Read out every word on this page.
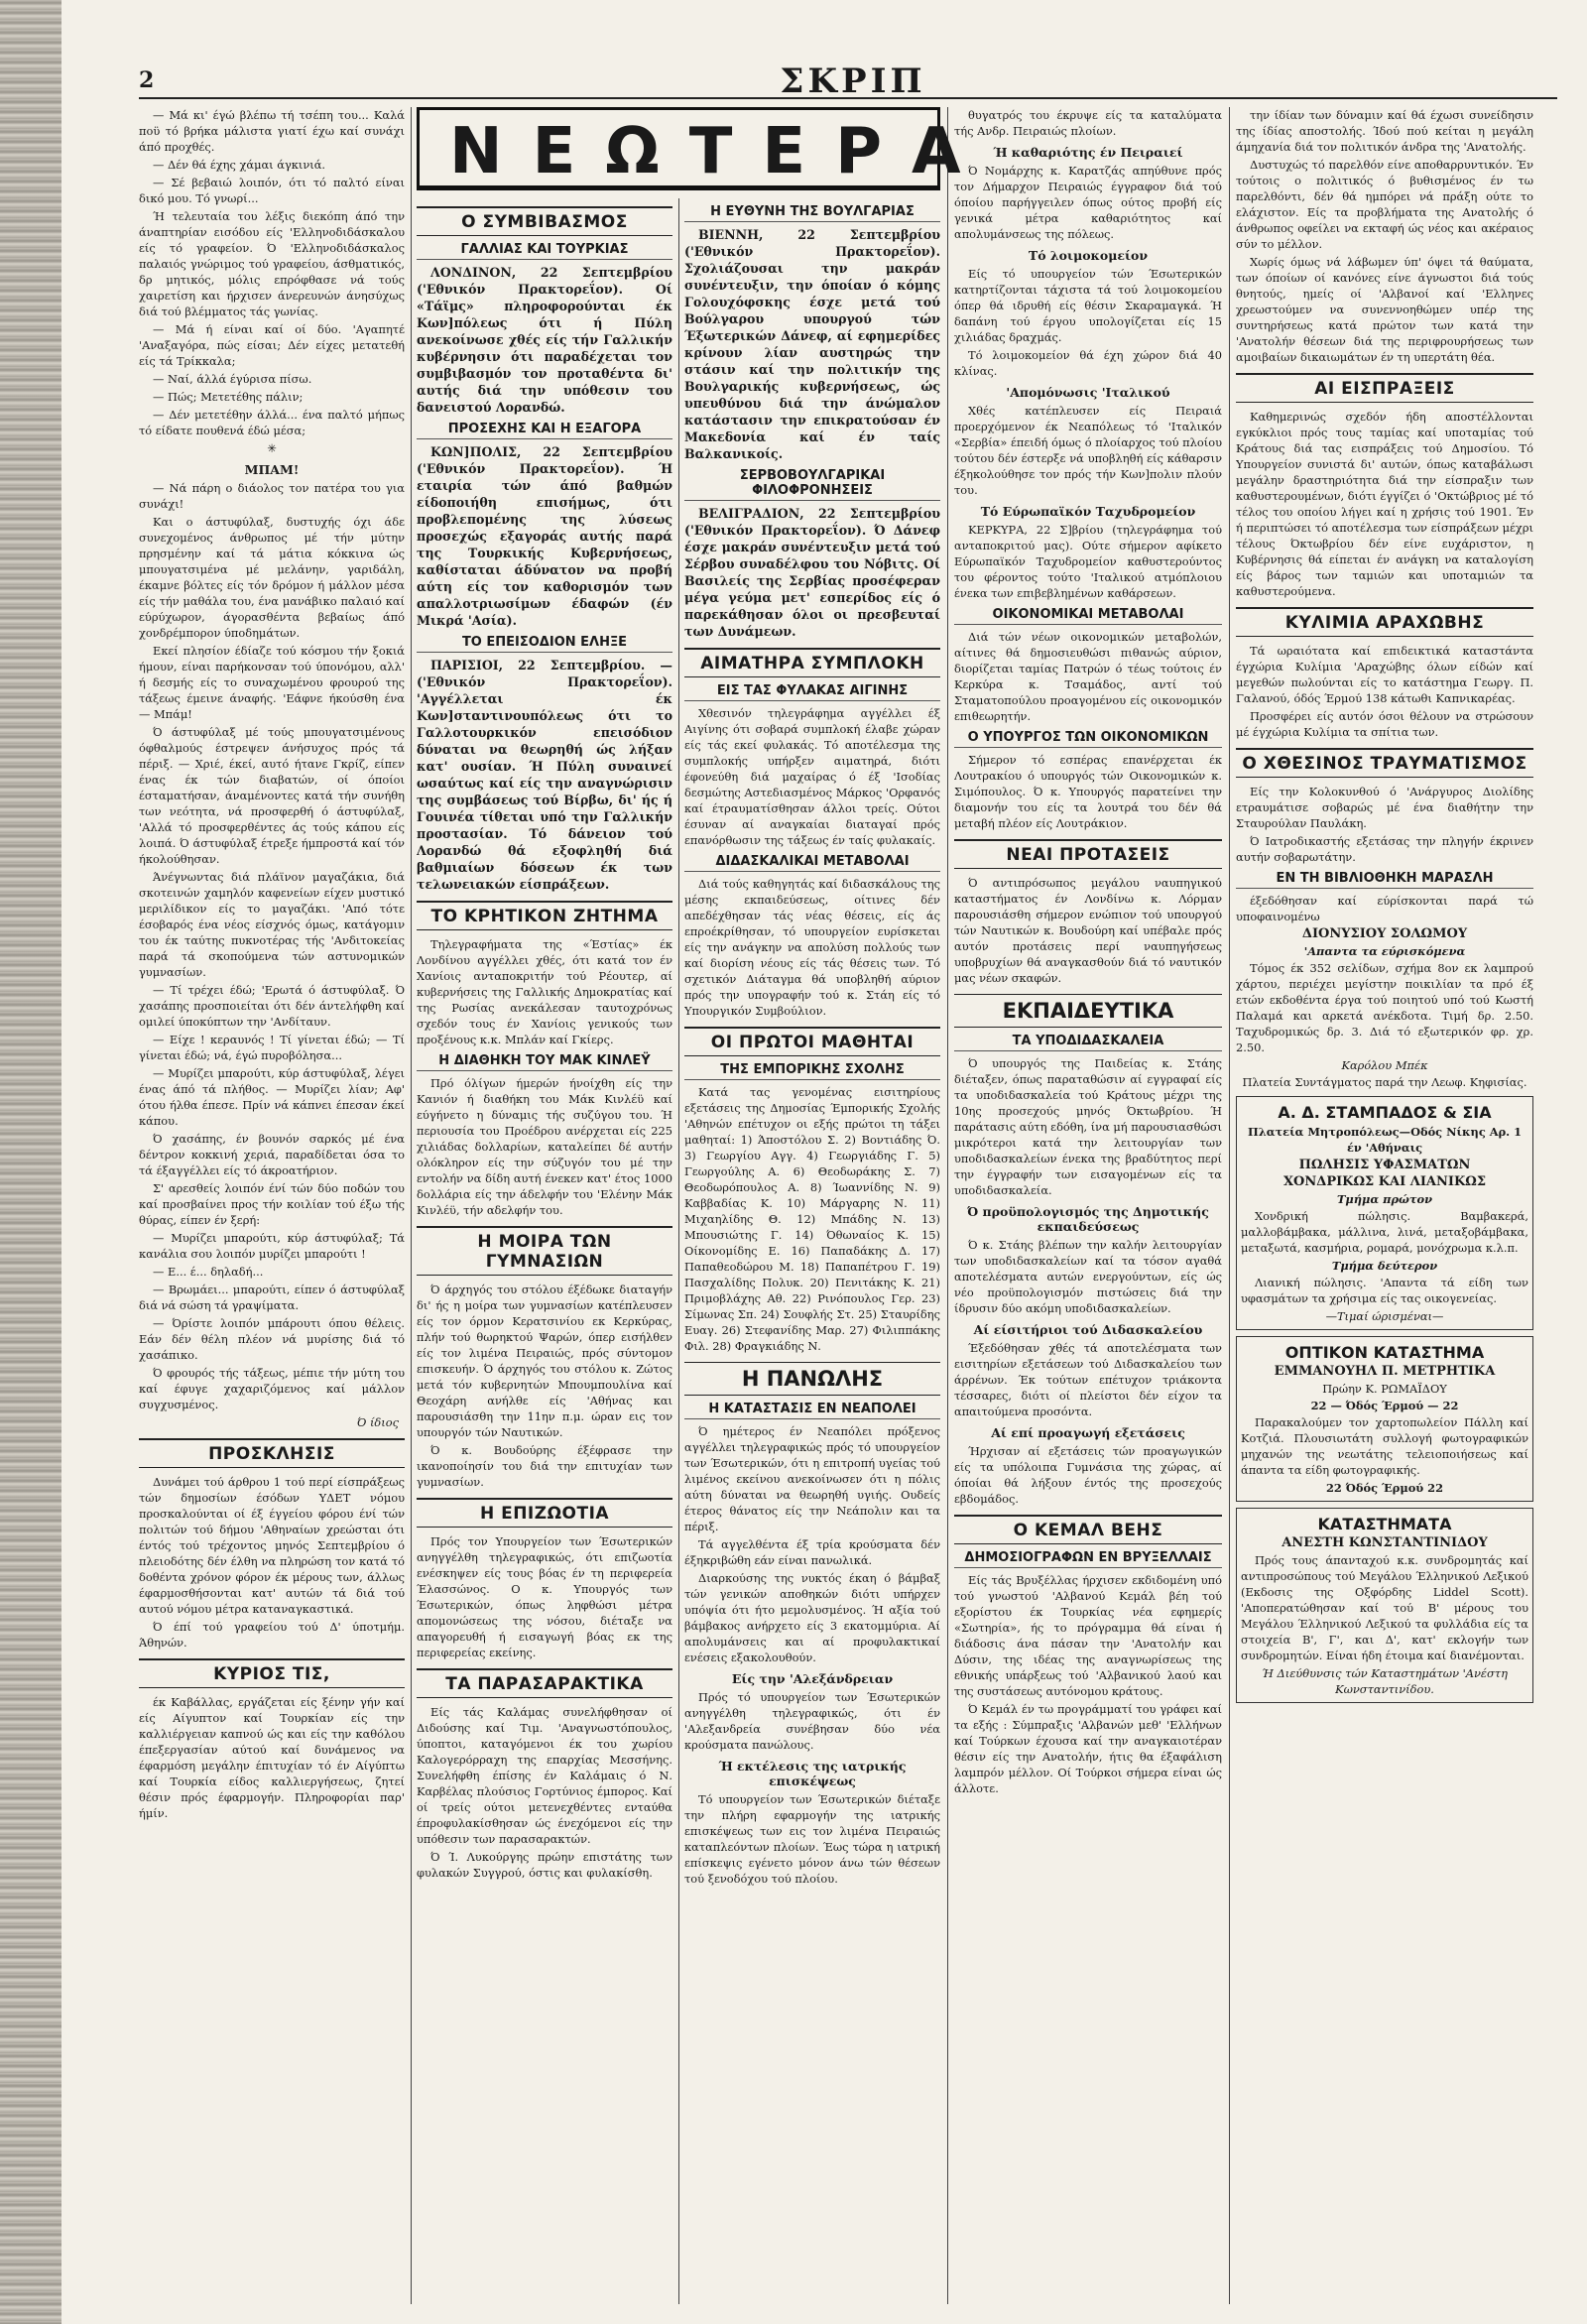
2	ΣΚΡΙΠ
ΝΕΩΤΕΡΑ

— Μά κι' έγώ βλέπω τή τσέπη του... Καλά ποϋ τό βρήκα μάλιστα γιατί έχω καί συνάχι άπό προχθές.

— Δέν θά έχης χάμαι άγκινιά.

— Σέ βεβαιώ λοιπόν, ότι τό παλτό είναι δικό μου. Τό γνωρί...

Ή τελευταία του λέξις διεκόπη άπό την άναπτηρίαν εισόδου είς 'Ελληνοδιδάσκαλου είς τό γραφείον. Ό 'Ελληνοδιδάσκαλος παλαιός γνώριμος τού γραφείου, άσθματικός, δρ μητικός, μόλις επρόφθασε νά τούς χαιρετίση και ήρχισεν άνερευνών άνησύχως διά τού βλέμματος τάς γωνίας.

— Μά ή είναι καί οί δύο. 'Αγαπητέ 'Αναξαγόρα, πώς είσαι; Δέν είχες μετατεθή είς τά Τρίκκαλα;

— Ναί, άλλά έγύρισα πίσω.

— Πώς; Μετετέθης πάλιν;

— Δέν μετετέθην άλλά... ένα παλτό μήπως τό είδατε πουθενά έδώ μέσα;

✳
ΜΠΑΜ!

— Νά πάρη ο διάολος τον πατέρα του για συνάχι!

Και ο άστυφύλαξ, δυστυχής όχι άδε συνεχομένος άνθρωπος μέ τήν μύτην πρησμένην καί τά μάτια κόκκινα ώς μπουγατσιμένα μέ μελάνην, γαριδάλη, έκαμνε βόλτες είς τόν δρόμον ή μάλλον μέσα είς τήν μαθάλα του, ένα μανάβικο παλαιό καί εύρύχωρον, άγορασθέντα βεβαίως άπό χονδρέμπορον ύποδημάτων.

Εκεί πλησίον έδίαζε τού κόσμου τήν ξοκιά ήμουν, είναι παρήκονσαν τού ύπονόμου, αλλ' ή δεσμής είς το συναχωμένου φρουρού της τάξεως έμεινε άναφής. 'Εάφνε ήκούσθη ένα — Μπάμ!

Ό άστυφύλαξ μέ τούς μπουγατσιμένους όφθαλμούς έστρεψεν άνήσυχος πρός τά πέριξ. — Χριέ, έκεί, αυτό ήτανε Γκρίζ, είπεν ένας έκ τών διαβατών, οί όποίοι έσταματήσαν, άναμένοντες κατά τήν συνήθη των νεότητα, νά προσφερθή ό άστυφύλαξ, 'Αλλά τό προσφερθέντες άς τούς κάπου είς λοιπά. Ό άστυφύλαξ έτρεξε ήμπροστά καί τόν ήκολούθησαν.

Άνέγνωντας διά πλάϊνον μαγαζάκια, διά σκοτεινών χαμηλόν καφενείων είχεν μυστικό μεριλίδικον είς το μαγαζάκι. 'Από τότε έσοβαρός ένα νέος είσχνός όμως, κατάγομιν του έκ ταύτης πυκνοτέρας τής 'Ανδιτοκείας παρά τά σκοπούμενα τών αστυνομικών γυμνασίων.

— Τί τρέχει έδώ; 'Ερωτά ό άστυφύλαξ. Ό χασάπης προσποιείται ότι δέν άντελήφθη καί ομιλεί ύποκύπτων την 'Ανδίταυν.

— Είχε ! κεραυνός ! Τί γίνεται έδώ; — Τί γίνεται έδώ; νά, έγώ πυροβόλησα...

— Μυρίζει μπαρούτι, κύρ άστυφύλαξ, λέγει ένας άπό τά πλήθος. — Μυρίζει λίαν; Αφ' ότου ήλθα έπεσε. Πρίν νά κάπνει έπεσαν έκεί κάπου.

Ό χασάπης, έν βουνόν σαρκός μέ ένα δέντρον κοκκινή χεριά, παραδίδεται όσα το τά έξαγγέλλει είς τό άκροατήριον.

Σ' αρεσθείς λοιπόν ένί τών δύο ποδών του καί προσβαίνει προς τήν κοιλίαν τού έξω τής θύρας, είπεν έν ξερή:

— Μυρίζει μπαρούτι, κύρ άστυφύλαξ; Τά κανάλια σου λοιπόν μυρίζει μπαρούτι !

— Ε... έ... δηλαδή...

— Βρωμάει... μπαρούτι, είπεν ό άστυφύλαξ διά νά σώση τά γραψίματα.

— Όρίστε λοιπόν μπάρουτι όπου θέλεις. Εάν δέν θέλη πλέον νά μυρίσης διά τό χασάπικο.

Ό φρουρός τής τάξεως, μέπιε τήν μύτη του καί έφυγε χαχαριζόμενος καί μάλλον συγχυσμένος.

Ό ίδιος
ΠΡΟΣΚΛΗΣΙΣ

Δυνάμει τού άρθρου 1 τού περί είσπράξεως τών δημοσίων έσόδων ΥΔΕΤ νόμου προσκαλούνται οί έξ έγγείου φόρου ένί τών πολιτών τού δήμου 'Αθηναίων χρεώσται ότι έντός τού τρέχοντος μηνός Σεπτεμβρίου ό πλειοδότης δέν έλθη να πληρώση τον κατά τό δοθέντα χρόνον φόρον έκ μέρους των, άλλως έφαρμοσθήσονται κατ' αυτών τά διά τού αυτού νόμου μέτρα καταναγκαστικά.

Ό έπί τού γραφείου τού Δ' ύποτμήμ. Άθηνών.

ΚΥΡΙΟΣ ΤΙΣ,

έκ Καβάλλας, εργάζεται είς ξένην γήν καί είς Αίγυπτον καί Τουρκίαν είς την καλλιέργειαν καπνού ώς και είς την καθόλου έπεξεργασίαν αύτού καί δυνάμενος να έφαρμόση μεγάλην έπιτυχίαν τό έν Αίγύπτω καί Τουρκία είδος καλλιεργήσεως, ζητεί θέσιν πρός έφαρμογήν. Πληροφορίαι παρ' ήμίν.

Ο ΣΥΜΒΙΒΑΣΜΟΣ
ΓΑΛΛΙΑΣ ΚΑΙ ΤΟΥΡΚΙΑΣ

ΛΟΝΔΙΝΟΝ, 22 Σεπτεμβρίου ('Εθνικόν Πρακτορεΐον). Οί «Τάϊμς» πληροφορούνται έκ Κων]πόλεως ότι ή Πύλη ανεκοίνωσε χθές είς τήν Γαλλικήν κυβέρνησιν ότι παραδέχεται τον συμβιβασμόν τον προταθέντα δι' αυτής διά την υπόθεσιν του δανειστού Λορανδώ.

ΠΡΟΣΕΧΗΣ ΚΑΙ Η ΕΞΑΓΟΡΑ

ΚΩΝ]ΠΟΛΙΣ, 22 Σεπτεμβρίου ('Εθνικόν Πρακτορεΐον). Ή εταιρία τών άπό βαθμών είδοποιήθη επισήμως, ότι προβλεπομένης της λύσεως προσεχώς εξαγοράς αυτής παρά της Τουρκικής Κυβερνήσεως, καθίσταται άδύνατον να προβή αύτη είς τον καθορισμόν των απαλλοτριωσίμων έδαφών (έν Μικρά 'Ασία).

ΤΟ ΕΠΕΙΣΟΔΙΟΝ ΕΛΗΞΕ

ΠΑΡΙΣΙΟΙ, 22 Σεπτεμβρίου. — ('Εθνικόν Πρακτορεΐον). 'Αγγέλλεται έκ Κων]σταντινουπόλεως ότι το Γαλλοτουρκικόν επεισόδιον δύναται να θεωρηθή ώς λήξαν κατ' ουσίαν. Ή Πύλη συναινεί ωσαύτως καί είς την αναγνώρισιν της συμβάσεως τού Βίρβω, δι' ής ή Γουινέα τίθεται υπό την Γαλλικήν προστασίαν. Τό δάνειον τού Λορανδώ θά εξοφληθή διά βαθμιαίων δόσεων έκ των τελωνειακών είσπράξεων.

ΤΟ ΚΡΗΤΙΚΟΝ ΖΗΤΗΜΑ

Τηλεγραφήματα της «Έστίας» έκ Λονδίνου αγγέλλει χθές, ότι κατά τον έν Χανίοις ανταποκριτήν τού Ρέουτερ, αί κυβερνήσεις της Γαλλικής Δημοκρατίας καί της Ρωσίας ανεκάλεσαν ταυτοχρόνως σχεδόν τους έν Χανίοις γενικούς των προξένους κ.κ. Μπλάν καί Γκίερς.

Η ΔΙΑΘΗΚΗ ΤΟΥ ΜΑΚ ΚΙΝΛΕΫ

Πρό όλίγων ήμερών ήνοίχθη είς την Κανιόν ή διαθήκη του Μάκ Κινλέϋ καί εύγήνετο η δύναμις τής συζύγου του. Ή περιουσία του Προέδρου ανέρχεται είς 225 χιλιάδας δολλαρίων, καταλείπει δέ αυτήν ολόκληρον είς την σύζυγόν του μέ την εντολήν να δίδη αυτή ένεκεν κατ' έτος 1000 δολλάρια είς την άδελφήν του 'Ελένην Μάκ Κινλέϋ, τήν αδελφήν του.

Η ΜΟΙΡΑ ΤΩΝ ΓΥΜΝΑΣΙΩΝ

Ό άρχηγός του στόλου έξέδωκε διαταγήν δι' ής η μοίρα των γυμνασίων κατέπλευσεν είς τον όρμον Κερατσινίου εκ Κερκύρας, πλήν τού θωρηκτού Ψαρών, όπερ εισήλθεν είς τον λιμένα Πειραιώς, πρός σύντομον επισκευήν. Ό άρχηγός του στόλου κ. Ζώτος μετά τόν κυβερνητών Μπουμπουλίνα καί Θεοχάρη ανήλθε είς 'Αθήνας και παρουσιάσθη την 11ην π.μ. ώραν εις τον υπουργόν τών Ναυτικών.

Ό κ. Βουδούρης έξέφρασε την ικανοποίησίν του διά την επιτυχίαν των γυμνασίων.

Η ΕΠΙΖΩΟΤΙΑ

Πρός τον Υπουργείον των Έσωτερικών ανηγγέλθη τηλεγραφικώς, ότι επιζωοτία ενέσκηψεν είς τους βόας έν τη περιφερεία Έλασσώνος. Ο κ. Υπουργός των Έσωτερικών, όπως ληφθώσι μέτρα απομονώσεως της νόσου, διέταξε να απαγορευθή ή εισαγωγή βόας εκ της περιφερείας εκείνης.

ΤΑ ΠΑΡΑΣΑΡΑΚΤΙΚΑ

Είς τάς Καλάμας συνελήφθησαν οί Διδούσης καί Τιμ. 'Αναγνωστόπουλος, ύποπτοι, καταγόμενοι έκ του χωρίου Καλογερόρραχη της επαρχίας Μεσσήνης. Συνελήφθη έπίσης έν Καλάμαις ό Ν. Καρβέλας πλούσιος Γορτύνιος έμπορος. Καί οί τρείς ούτοι μετενεχθέντες ενταύθα έπροφυλακίσθησαν ώς ένεχόμενοι είς την υπόθεσιν των παρασαρακτών.

Ό Ί. Λυκούργης πρώην επιστάτης των φυλακών Συγγρού, όστις και φυλακίσθη.

Η ΕΥΘΥΝΗ ΤΗΣ ΒΟΥΛΓΑΡΙΑΣ

ΒΙΕΝΝΗ, 22 Σεπτεμβρίου ('Εθνικόν Πρακτορεΐον). Σχολιάζουσαι την μακράν συνέντευξιν, την όποίαν ό κόμης Γολουχόφσκης έσχε μετά τού Βούλγαρου υπουργού τών Έξωτερικών Δάνεφ, αί εφημερίδες κρίνουν λίαν αυστηρώς την στάσιν καί την πολιτικήν της Βουλγαρικής κυβερνήσεως, ώς υπευθύνου διά την άνώμαλον κατάστασιν την επικρατούσαν έν Μακεδονία καί έν ταίς Βαλκανικοίς.

ΣΕΡΒΟΒΟΥΛΓΑΡΙΚΑΙ ΦΙΛΟΦΡΟΝΗΣΕΙΣ

ΒΕΛΙΓΡΑΔΙΟΝ, 22 Σεπτεμβρίου ('Εθνικόν Πρακτορεΐον). Ό Δάνεφ έσχε μακράν συνέντευξιν μετά τού Σέρβου συναδέλφου του Νόβιτς. Οί Βασιλείς της Σερβίας προσέφεραν μέγα γεύμα μετ' εσπερίδος είς ό παρεκάθησαν όλοι οι πρεσβευταί των Δυνάμεων.

ΑΙΜΑΤΗΡΑ ΣΥΜΠΛΟΚΗ
ΕΙΣ ΤΑΣ ΦΥΛΑΚΑΣ ΑΙΓΙΝΗΣ

Χθεσινόν τηλεγράφημα αγγέλλει έξ Αιγίνης ότι σοβαρά συμπλοκή έλαβε χώραν είς τάς εκεί φυλακάς. Τό αποτέλεσμα της συμπλοκής υπήρξεν αιματηρά, διότι έφονεύθη διά μαχαίρας ό έξ 'Ισοδίας δεσμώτης Αστεδιασμένος Μάρκος 'Ορφανός καί έτραυματίσθησαν άλλοι τρείς. Ούτοι έσυναν αί αναγκαίαι διαταγαί πρός επανόρθωσιν της τάξεως έν ταίς φυλακαίς.

ΔΙΔΑΣΚΑΛΙΚΑΙ ΜΕΤΑΒΟΛΑΙ

Διά τούς καθηγητάς καί διδασκάλους της μέσης εκπαιδεύσεως, οίτινες δέν απεδέχθησαν τάς νέας θέσεις, είς άς επροέκρίθησαν, τό υπουργείον ευρίσκεται είς την ανάγκην να απολύση πολλούς των καί διορίση νέους είς τάς θέσεις των. Τό σχετικόν Διάταγμα θά υποβληθή αύριον πρός την υπογραφήν τού κ. Στάη είς τό Υπουργικόν Συμβούλιον.

ΟΙ ΠΡΩΤΟΙ ΜΑΘΗΤΑΙ
ΤΗΣ ΕΜΠΟΡΙΚΗΣ ΣΧΟΛΗΣ

Κατά τας γενομένας εισιτηρίους εξετάσεις της Δημοσίας Έμπορικής Σχολής 'Αθηνών επέτυχον οι εξής πρώτοι τη τάξει μαθηταί: 1) Άποστόλου Σ. 2) Βοντιάδης Ό. 3) Γεωργίου Αγγ. 4) Γεωργιάδης Γ. 5) Γεωργούλης Α. 6) Θεοδωράκης Σ. 7) Θεοδωρόπουλος Α. 8) Ίωαννίδης Ν. 9) Καββαδίας Κ. 10) Μάργαρης Ν. 11) Μιχαηλίδης Θ. 12) Μπάδης Ν. 13) Μπουσιώτης Γ. 14) Όθωναίος Κ. 15) Οίκονομίδης Ε. 16) Παπαδάκης Δ. 17) Παπαθεοδώρου Μ. 18) Παπαπέτρου Γ. 19) Πασχαλίδης Πολυκ. 20) Πενιτάκης Κ. 21) Πριμοβλάχης Αθ. 22) Ρινόπουλος Γερ. 23) Σίμωνας Σπ. 24) Σουφλής Στ. 25) Σταυρίδης Ευαγ. 26) Στεφανίδης Μαρ. 27) Φιλιππάκης Φιλ. 28) Φραγκιάδης Ν.

Η ΠΑΝΩΛΗΣ
Η ΚΑΤΑΣΤΑΣΙΣ ΕΝ ΝΕΑΠΟΛΕΙ

Ό ημέτερος έν Νεαπόλει πρόξενος αγγέλλει τηλεγραφικώς πρός τό υπουργείον των Έσωτερικών, ότι η επιτροπή υγείας τού λιμένος εκείνου ανεκοίνωσεν ότι η πόλις αύτη δύναται να θεωρηθή υγιής. Ουδείς έτερος θάνατος είς την Νεάπολιν και τα πέριξ.

Τά αγγελθέντα έξ τρία κρούσματα δέν έξηκριβώθη εάν είναι πανωλικά.

Διαρκούσης της νυκτός έκαη ό βάμβαξ τών γενικών αποθηκών διότι υπήρχεν υπόψία ότι ήτο μεμολυσμένος. Ή αξία τού βάμβακος ανήρχετο είς 3 εκατομμύρια. Αί απολυμάνσεις και αί προφυλακτικαί ενέσεις εξακολουθούν.

Είς την 'Αλεξάνδρειαν

Πρός τό υπουργείον των Έσωτερικών ανηγγέλθη τηλεγραφικώς, ότι έν 'Αλεξανδρεία συνέβησαν δύο νέα κρούσματα πανώλους.

Ή εκτέλεσις της ιατρικής επισκέψεως

Τό υπουργείον των Έσωτερικών διέταξε την πλήρη εφαρμογήν της ιατρικής επισκέψεως των εις τον λιμένα Πειραιώς καταπλεόντων πλοίων. Έως τώρα η ιατρική επίσκεψις εγένετο μόνον άνω τών θέσεων τού ξενοδόχου τού πλοίου.

θυγατρός του έκρυψε είς τα καταλύματα τής Ανδρ. Πειραιώς πλοίων.

Ή καθαριότης έν Πειραιεί

Ό Νομάρχης κ. Καρατζάς απηύθυνε πρός τον Δήμαρχον Πειραιώς έγγραφον διά τού όποίου παρήγγειλεν όπως ούτος προβή είς γενικά μέτρα καθαριότητος καί απολυμάνσεως της πόλεως.

Τό λοιμοκομείον

Είς τό υπουργείον τών Έσωτερικών κατηρτίζονται τάχιστα τά τού λοιμοκομείου όπερ θά ιδρυθή είς θέσιν Σκαραμαγκά. Ή δαπάνη τού έργου υπολογίζεται είς 15 χιλιάδας δραχμάς.

Τό λοιμοκομείον θά έχη χώρον διά 40 κλίνας.

'Απομόνωσις 'Ιταλικού

Χθές κατέπλευσεν είς Πειραιά προερχόμενον έκ Νεαπόλεως τό 'Ιταλικόν «Σερβία» έπειδή όμως ό πλοίαρχος τού πλοίου τούτου δέν έστερξε νά υποβληθή είς κάθαρσιν έξηκολούθησε τον πρός τήν Κων]πολιν πλούν του.

Τό Εύρωπαϊκόν Ταχυδρομείον

ΚΕΡΚΥΡΑ, 22 Σ]βρίου (τηλεγράφημα τού ανταποκριτού μας). Ούτε σήμερον αφίκετο Εύρωπαϊκόν Ταχυδρομείον καθυστερούντος του φέροντος τούτο 'Ιταλικού ατμόπλοιου ένεκα των επιβεβλημένων καθάρσεων.

ΟΙΚΟΝΟΜΙΚΑΙ ΜΕΤΑΒΟΛΑΙ

Διά τών νέων οικονομικών μεταβολών, αίτινες θά δημοσιευθώσι πιθανώς αύριον, διορίζεται ταμίας Πατρών ό τέως τούτοις έν Κερκύρα κ. Τσαμάδος, αντί τού Σταματοπούλου προαγομένου είς οικονομικόν επιθεωρητήν.

Ο ΥΠΟΥΡΓΟΣ ΤΩΝ ΟΙΚΟΝΟΜΙΚΩΝ

Σήμερον τό εσπέρας επανέρχεται έκ Λουτρακίου ό υπουργός τών Οικονομικών κ. Σιμόπουλος. Ό κ. Υπουργός παρατείνει την διαμονήν του είς τα λουτρά του δέν θά μεταβή πλέον είς Λουτράκιον.

ΝΕΑΙ ΠΡΟΤΑΣΕΙΣ

Ό αντιπρόσωπος μεγάλου ναυπηγικού καταστήματος έν Λονδίνω κ. Λόρμαν παρουσιάσθη σήμερον ενώπιον τού υπουργού τών Ναυτικών κ. Βουδούρη καί υπέβαλε πρός αυτόν προτάσεις περί ναυπηγήσεως υποβρυχίων θά αναγκασθούν διά τό ναυτικόν μας νέων σκαφών.

ΕΚΠΑΙΔΕΥΤΙΚΑ
ΤΑ ΥΠΟΔΙΔΑΣΚΑΛΕΙΑ

Ό υπουργός της Παιδείας κ. Στάης διέταξεν, όπως παραταθώσιν αί εγγραφαί είς τα υποδιδασκαλεία τού Κράτους μέχρι της 10ης προσεχούς μηνός Όκτωβρίου. Ή παράτασις αύτη εδόθη, ίνα μή παρουσιασθώσι μικρότεροι κατά την λειτουργίαν των υποδιδασκαλείων ένεκα της βραδύτητος περί την έγγραφήν των εισαγομένων είς τα υποδιδασκαλεία.

Ό προϋπολογισμός της Δημοτικής εκπαιδεύσεως

Ό κ. Στάης βλέπων την καλήν λειτουργίαν των υποδιδασκαλείων καί τα τόσον αγαθά αποτελέσματα αυτών ενεργούντων, είς ώς νέο προϋπολογισμόν πιστώσεις διά την ίδρυσιν δύο ακόμη υποδιδασκαλείων.

Αί είσιτήριοι τού Διδασκαλείου

Έξεδόθησαν χθές τά αποτελέσματα των εισιτηρίων εξετάσεων τού Διδασκαλείου των άρρένων. Έκ τούτων επέτυχον τριάκοντα τέσσαρες, διότι οί πλείστοι δέν είχον τα απαιτούμενα προσόντα.

Αί επί προαγωγή εξετάσεις

Ήρχισαν αί εξετάσεις τών προαγωγικών είς τα υπόλοιπα Γυμνάσια της χώρας, αί όποίαι θά λήξουν έντός της προσεχούς εβδομάδος.

Ο ΚΕΜΑΛ ΒΕΗΣ
ΔΗΜΟΣΙΟΓΡΑΦΩΝ ΕΝ ΒΡΥΞΕΛΛΑΙΣ

Είς τάς Βρυξέλλας ήρχισεν εκδιδομένη υπό τού γνωστού 'Αλβανού Κεμάλ βέη τού εξορίστου έκ Τουρκίας νέα εφημερίς «Σωτηρία», ής το πρόγραμμα θά είναι ή διάδοσις άνα πάσαν την 'Ανατολήν και Δύσιν, της ιδέας της αναγνωρίσεως της εθνικής υπάρξεως τού 'Αλβανικού λαού και της συστάσεως αυτόνομου κράτους.

Ό Κεμάλ έν τω προγράμματί του γράφει καί τα εξής : Σύμπραξις 'Αλβανών μεθ' 'Ελλήνων καί Τούρκων έχουσα καί την αναγκαιοτέραν θέσιν είς την Ανατολήν, ήτις θα έξαφάλιση λαμπρόν μέλλον. Οί Τούρκοι σήμερα είναι ώς άλλοτε.

την ίδίαν των δύναμιν καί θά έχωσι συνείδησιν της ίδίας αποστολής. Ίδού πού κείται η μεγάλη άμηχανία διά τον πολιτικόν άνδρα της 'Ανατολής.

Δυστυχώς τό παρελθόν είνε αποθαρρυντικόν. Έν τούτοις ο πολιτικός ό βυθισμένος έν τω παρελθόντι, δέν θά ημπόρει νά πράξη ούτε το ελάχιστον. Είς τα προβλήματα της Ανατολής ό άνθρωπος οφείλει να εκταφή ώς νέος και ακέραιος σύν το μέλλον.

Χωρίς όμως νά λάβωμεν ύπ' όψει τά θαύματα, των όποίων οί κανόνες είνε άγνωστοι διά τούς θνητούς, ημείς οί 'Αλβανοί καί 'Ελληνες χρεωστούμεν να συνεννοηθώμεν υπέρ της συντηρήσεως κατά πρώτον των κατά την 'Ανατολήν θέσεων διά της περιφρουρήσεως των αμοιβαίων δικαιωμάτων έν τη υπερτάτη θέα.

ΑΙ ΕΙΣΠΡΑΞΕΙΣ

Καθημερινώς σχεδόν ήδη αποστέλλονται εγκύκλιοι πρός τους ταμίας καί υποταμίας τού Κράτους διά τας εισπράξεις τού Δημοσίου. Τό Υπουργείον συνιστά δι' αυτών, όπως καταβάλωσι μεγάλην δραστηριότητα διά την είσπραξιν των καθυστερουμένων, διότι έγγίζει ό 'Οκτώβριος μέ τό τέλος του οποίου λήγει καί η χρήσις τού 1901. Έν ή περιπτώσει τό αποτέλεσμα των είσπράξεων μέχρι τέλους Όκτωβρίου δέν είνε ευχάριστον, η Κυβέρνησις θά είπεται έν ανάγκη να καταλογίση είς βάρος των ταμιών και υποταμιών τα καθυστερούμενα.

ΚΥΛΙΜΙΑ ΑΡΑΧΩΒΗΣ

Τά ωραιότατα καί επιδεικτικά καταστάντα έγχώρια Κυλίμια 'Αραχώβης όλων είδών καί μεγεθών πωλούνται είς το κατάστημα Γεωργ. Π. Γαλανού, όδός Έρμού 138 κάτωθι Καπνικαρέας.

Προσφέρει είς αυτόν όσοι θέλουν να στρώσουν μέ έγχώρια Κυλίμια τα σπίτια των.

Ο ΧΘΕΣΙΝΟΣ ΤΡΑΥΜΑΤΙΣΜΟΣ

Είς την Κολοκυνθού ό 'Ανάργυρος Διολίδης ετραυμάτισε σοβαρώς μέ ένα διαθήτην την Σταυρούλαν Παυλάκη.

Ό Ιατροδικαστής εξετάσας την πληγήν έκρινεν αυτήν σοβαρωτάτην.

ΕΝ ΤΗ ΒΙΒΛΙΟΘΗΚΗ ΜΑΡΑΣΛΗ

έξεδόθησαν καί εύρίσκονται παρά τώ υποφαινομένω

ΔΙΟΝΥΣΙΟΥ ΣΟΛΩΜΟΥ
'Απαντα τα εύρισκόμενα

Τόμος έκ 352 σελίδων, σχήμα 8ον εκ λαμπρού χάρτου, περιέχει μεγίστην ποικιλίαν τα πρό έξ ετών εκδοθέντα έργα τού ποιητού υπό τού Κωστή Παλαμά και αρκετά ανέκδοτα. Τιμή δρ. 2.50. Ταχυδρομικώς δρ. 3. Διά τό εξωτερικόν φρ. χρ. 2.50.

Καρόλου Μπέκ
Πλατεία Συντάγματος παρά την Λεωφ. Κηφισίας.
Α. Δ. ΣΤΑΜΠΑΔΟΣ & ΣΙΑ
Πλατεία Μητροπόλεως—Οδός Νίκης Αρ. 1 έν 'Αθήναις
ΠΩΛΗΣΙΣ ΥΦΑΣΜΑΤΩΝ
ΧΟΝΔΡΙΚΩΣ ΚΑΙ ΛΙΑΝΙΚΩΣ
Τμήμα πρώτον

Χονδρική πώλησις. Βαμβακερά, μαλλοβάμβακα, μάλλινα, λινά, μεταξοβάμβακα, μεταξωτά, κασμήρια, ρομαρά, μονόχρωμα κ.λ.π.

Τμήμα δεύτερον

Λιανική πώλησις. 'Απαντα τά είδη των υφασμάτων τα χρήσιμα είς τας οικογενείας.

—Τιμαί ώρισμέναι—
ΟΠΤΙΚΟΝ ΚΑΤΑΣΤΗΜΑ
ΕΜΜΑΝΟΥΗΛ Π. ΜΕΤΡΗΤΙΚΑ
Πρώην Κ. ΡΩΜΑΪΔΟΥ
22 — Όδός Έρμού — 22

Παρακαλούμεν τον χαρτοπωλείον Πάλλη καί Κοτζιά. Πλουσιωτάτη συλλογή φωτογραφικών μηχανών της νεωτάτης τελειοποιήσεως καί άπαντα τα είδη φωτογραφικής.

22 Όδός Έρμού 22
ΚΑΤΑΣΤΗΜΑΤΑ
ΑΝΕΣΤΗ ΚΩΝΣΤΑΝΤΙΝΙΔΟΥ

Πρός τους άπανταχού κ.κ. συνδρομητάς καί αντιπροσώπους τού Μεγάλου Έλληνικού Λεξικού (Εκδοσις της Οξφόρδης Liddel Scott). 'Αποπερατώθησαν καί τού Β' μέρους του Μεγάλου Έλληνικού Λεξικού τα φυλλάδια είς τα στοιχεία Β', Γ', και Δ', κατ' εκλογήν των συνδρομητών. Είναι ήδη έτοιμα καί διανέμονται.

Ή Διεύθυνσις τών Καταστημάτων 'Ανέστη Κωνσταντινίδου.
